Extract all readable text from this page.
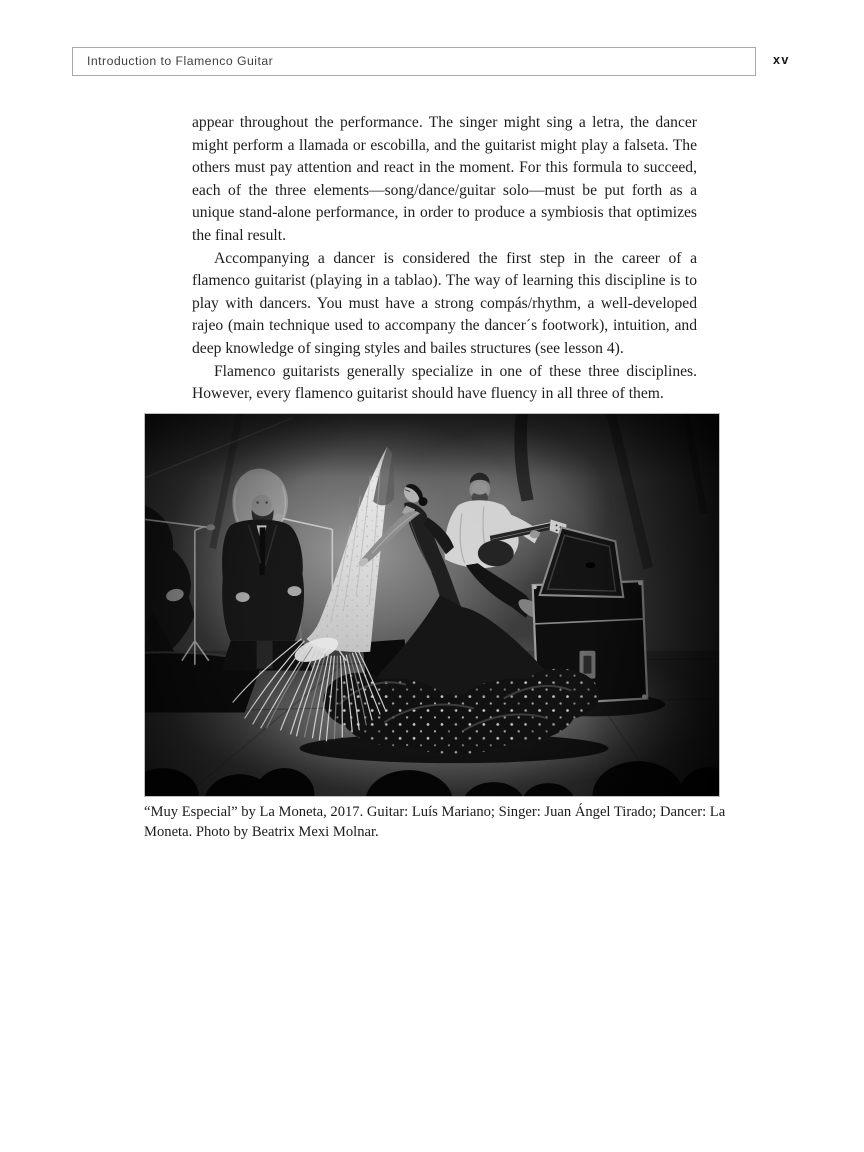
Introduction to Flamenco Guitar	xv

appear throughout the performance. The singer might sing a letra, the dancer might perform a llamada or escobilla, and the guitarist might play a falseta. The others must pay attention and react in the moment. For this formula to succeed, each of the three elements—song/dance/guitar solo—must be put forth as a unique stand-alone performance, in order to produce a symbiosis that optimizes the final result.

Accompanying a dancer is considered the first step in the career of a flamenco guitarist (playing in a tablao). The way of learning this discipline is to play with dancers. You must have a strong compás/rhythm, a well-developed rajeo (main technique used to accompany the dancer´s footwork), intuition, and deep knowledge of singing styles and bailes structures (see lesson 4).

Flamenco guitarists generally specialize in one of these three disciplines. However, every flamenco guitarist should have fluency in all three of them.

“Muy Especial” by La Moneta, 2017. Guitar: Luís Mariano; Singer: Juan Ángel Tirado; Dancer: La Moneta. Photo by Beatrix Mexi Molnar.
